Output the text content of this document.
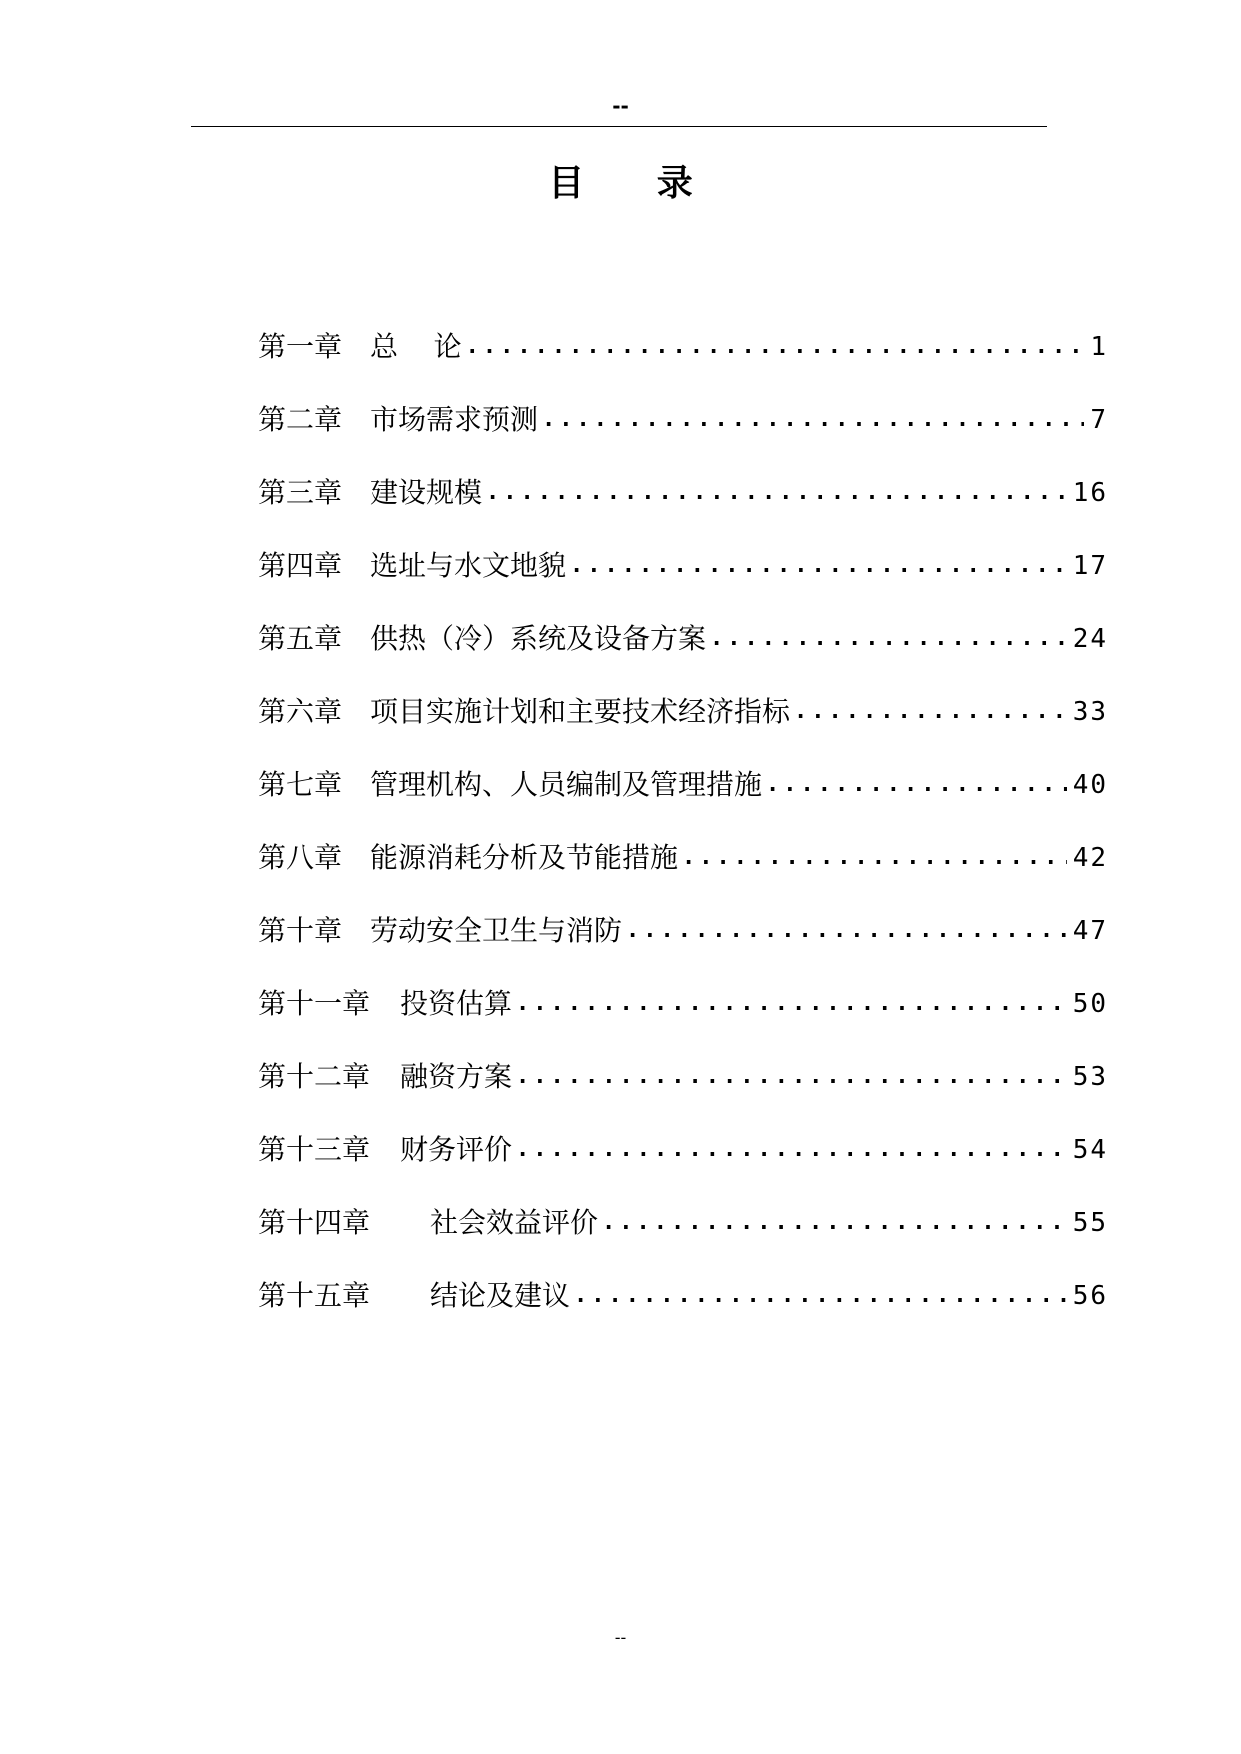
--
目 录
第一章 总    论 .....	1
第二章 市场需求预测 .....	7
第三章 建设规模 .....	16
第四章 选址与水文地貌 .....	17
第五章 供热（冷）系统及设备方案 .....	24
第六章 项目实施计划和主要技术经济指标 .....	33
第七章 管理机构、人员编制及管理措施 .....	40
第八章 能源消耗分析及节能措施 .....	42
第十章 劳动安全卫生与消防 .....	47
第十一章	投资估算 .....	50
第十二章	融资方案 .....	53
第十三章	财务评价 .....	54
第十四章	社会效益评价 .....	55
第十五章	结论及建议 .....	56
--
